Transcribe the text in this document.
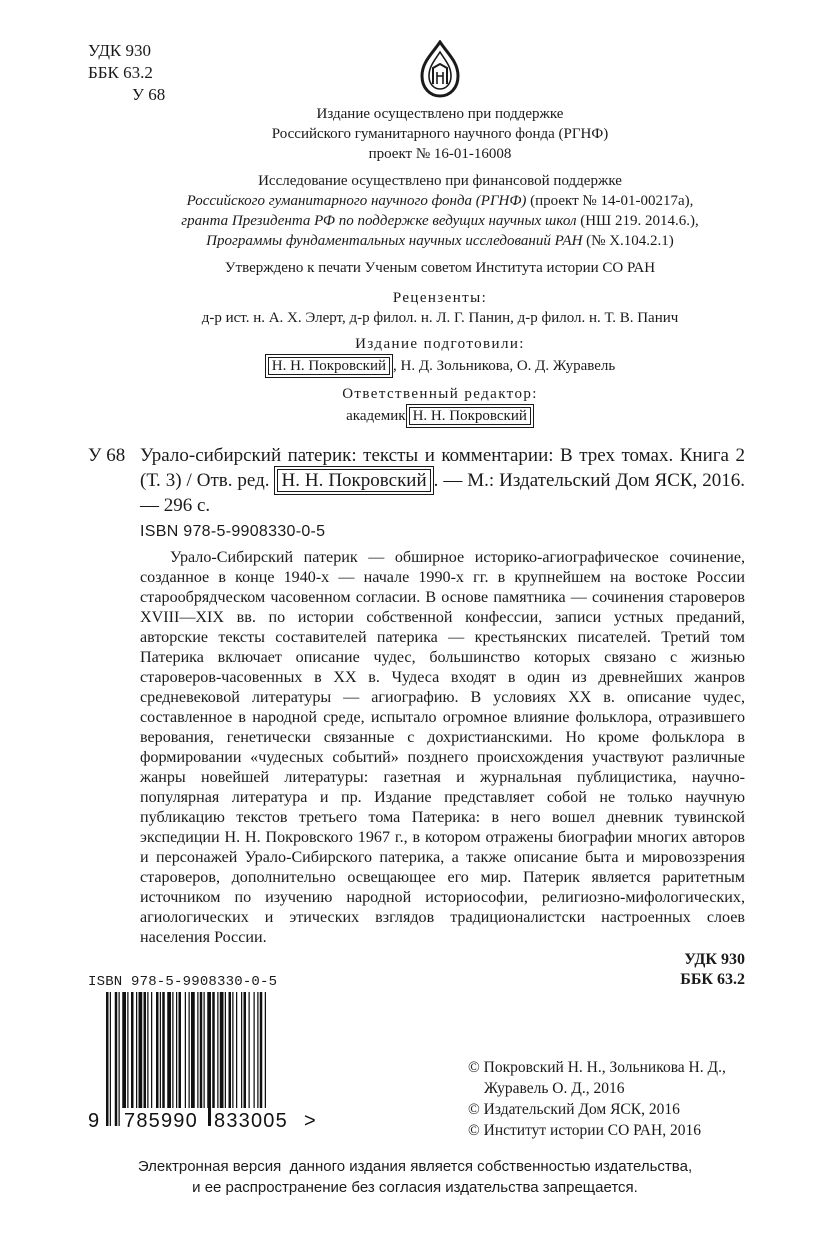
УДК 930
ББК 63.2
У 68
Издание осуществлено при поддержке
Российского гуманитарного научного фонда (РГНФ)
проект № 16-01-16008
Исследование осуществлено при финансовой поддержке
Российского гуманитарного научного фонда (РГНФ) (проект № 14-01-00217а),
гранта Президента РФ по поддержке ведущих научных школ (НШ 219. 2014.6.),
Программы фундаментальных научных исследований РАН (№ Х.104.2.1)
Утверждено к печати Ученым советом Института истории СО РАН
Рецензенты:
д-р ист. н. А. Х. Элерт, д-р филол. н. Л. Г. Панин, д-р филол. н. Т. В. Панич
Издание подготовили:
Н. Н. Покровский , Н. Д. Зольникова, О. Д. Журавель
Ответственный редактор:
академик Н. Н. Покровский
У 68 Урало-сибирский патерик: тексты и комментарии: В трех томах. Книга 2 (Т. 3) / Отв. ред. Н. Н. Покровский . — М.: Издательский Дом ЯСК, 2016. — 296 с.
ISBN 978-5-9908330-0-5
Урало-Сибирский патерик — обширное историко-агиографическое сочинение, созданное в конце 1940-х — начале 1990-х гг. в крупнейшем на востоке России старообрядческом часовенном согласии. В основе памятника — сочинения староверов XVIII—XIX вв. по истории собственной конфессии, записи устных преданий, авторские тексты составителей патерика — крестьянских писателей. Третий том Патерика включает описание чудес, большинство которых связано с жизнью староверов-часовенных в XX в. Чудеса входят в один из древнейших жанров средневековой литературы — агиографию. В условиях XX в. описание чудес, составленное в народной среде, испытало огромное влияние фольклора, отразившего верования, генетически связанные с дохристианскими. Но кроме фольклора в формировании «чудесных событий» позднего происхождения участвуют различные жанры новейшей литературы: газетная и журнальная публицистика, научно-популярная литература и пр. Издание представляет собой не только научную публикацию текстов третьего тома Патерика: в него вошел дневник тувинской экспедиции Н. Н. Покровского 1967 г., в котором отражены биографии многих авторов и персонажей Урало-Сибирского патерика, а также описание быта и мировоззрения староверов, дополнительно освещающее его мир. Патерик является раритетным источником по изучению народной историософии, религиозно-мифологических, агиологических и этических взглядов традиционалистски настроенных слоев населения России.
УДК 930
ББК 63.2
ISBN 978-5-9908330-0-5
9 785990 833005 >
© Покровский Н. Н., Зольникова Н. Д.,
Журавель О. Д., 2016
© Издательский Дом ЯСК, 2016
© Институт истории СО РАН, 2016
Электронная версия  данного издания является собственностью издательства,
и ее распространение без согласия издательства запрещается.
